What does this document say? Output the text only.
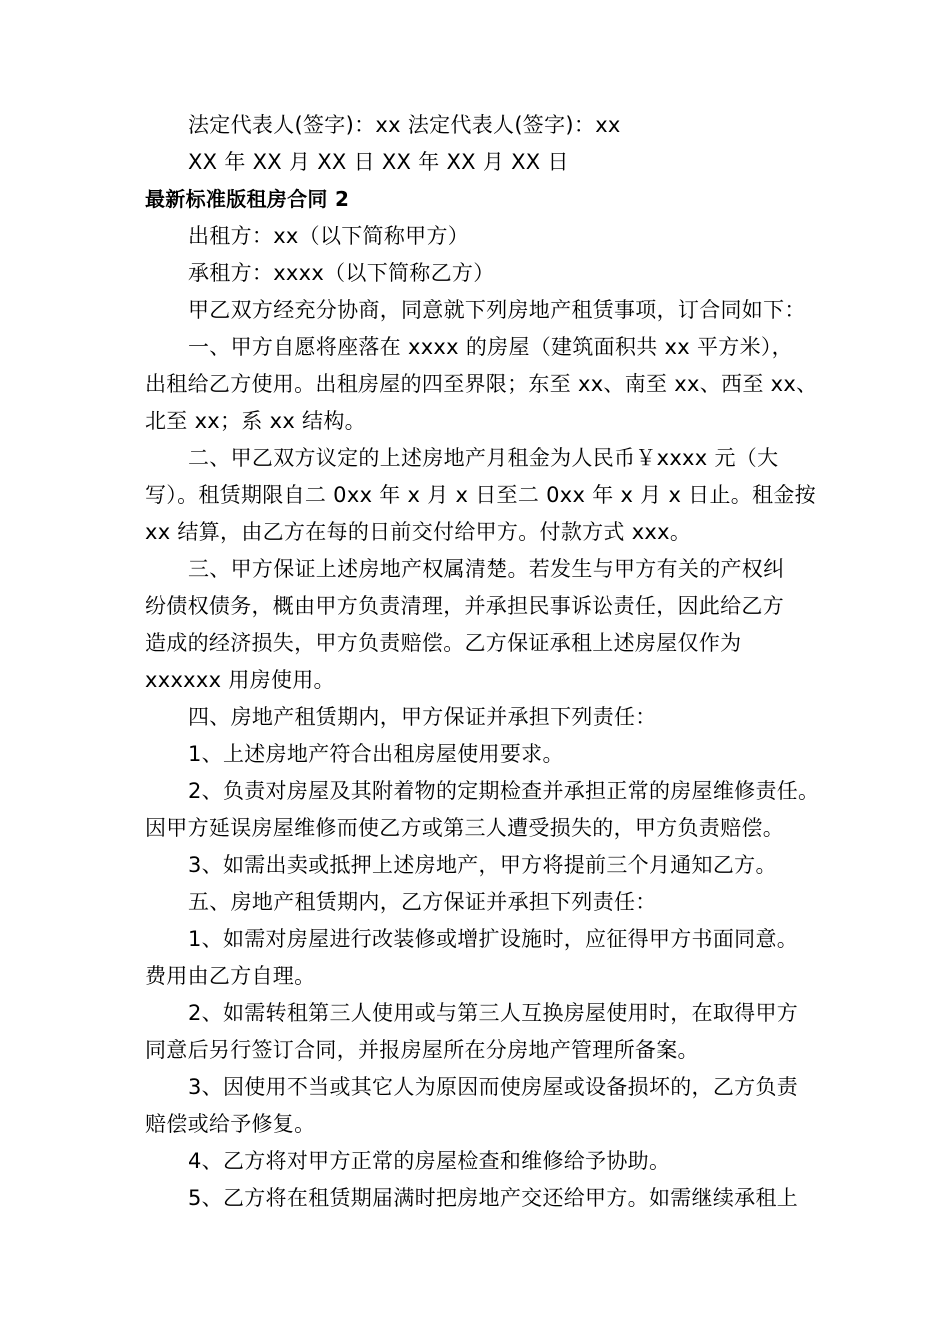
法定代表人(签字)：xx 法定代表人(签字)：xx
XX 年 XX 月 XX 日 XX 年 XX 月 XX 日
最新标准版租房合同 2
出租方：xx（以下简称甲方）
承租方：xxxx（以下简称乙方）
甲乙双方经充分协商，同意就下列房地产租赁事项，订合同如下：
一、甲方自愿将座落在 xxxx 的房屋（建筑面积共 xx 平方米），
出租给乙方使用。出租房屋的四至界限；东至 xx、南至 xx、西至 xx、
北至 xx；系 xx 结构。
二、甲乙双方议定的上述房地产月租金为人民币￥xxxx 元（大
写）。租赁期限自二 0xx 年 x 月 x 日至二 0xx 年 x 月 x 日止。租金按
xx 结算，由乙方在每的日前交付给甲方。付款方式 xxx。
三、甲方保证上述房地产权属清楚。若发生与甲方有关的产权纠
纷债权债务，概由甲方负责清理，并承担民事诉讼责任，因此给乙方
造成的经济损失，甲方负责赔偿。乙方保证承租上述房屋仅作为
xxxxxx 用房使用。
四、房地产租赁期内，甲方保证并承担下列责任：
1、上述房地产符合出租房屋使用要求。
2、负责对房屋及其附着物的定期检查并承担正常的房屋维修责任。
因甲方延误房屋维修而使乙方或第三人遭受损失的，甲方负责赔偿。
3、如需出卖或抵押上述房地产，甲方将提前三个月通知乙方。
五、房地产租赁期内，乙方保证并承担下列责任：
1、如需对房屋进行改装修或增扩设施时，应征得甲方书面同意。
费用由乙方自理。
2、如需转租第三人使用或与第三人互换房屋使用时，在取得甲方
同意后另行签订合同，并报房屋所在分房地产管理所备案。
3、因使用不当或其它人为原因而使房屋或设备损坏的，乙方负责
赔偿或给予修复。
4、乙方将对甲方正常的房屋检查和维修给予协助。
5、乙方将在租赁期届满时把房地产交还给甲方。如需继续承租上
